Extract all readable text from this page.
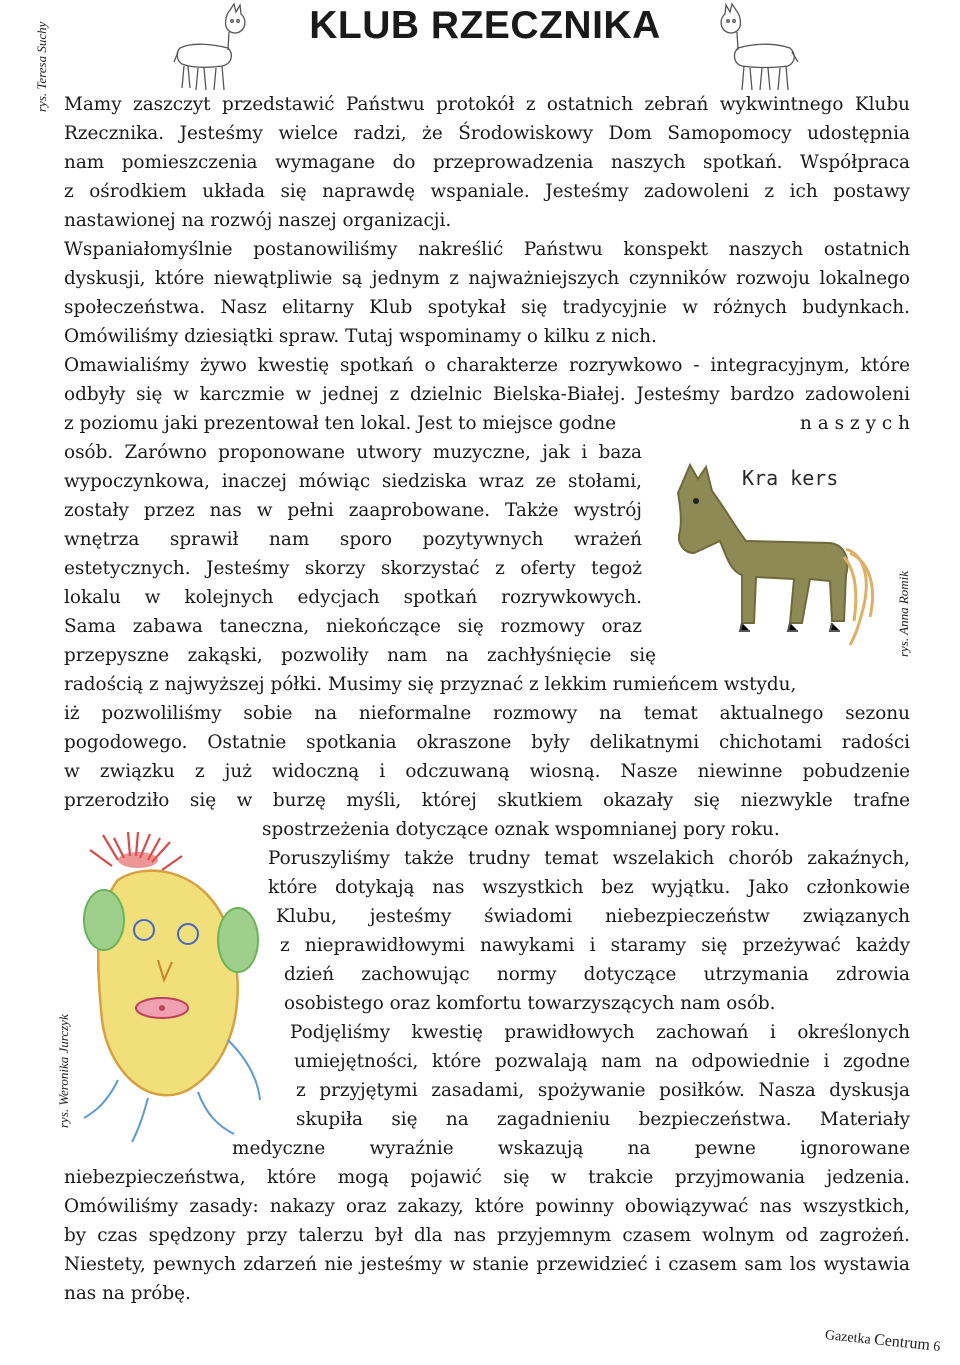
KLUB RZECZNIKA
rys. Teresa Suchy
rys. Anna Romik
rys. Weronika Jurczyk
Kra kers
Mamy zaszczyt przedstawić Państwu protokół z ostatnich zebrań wykwintnego Klubu
Rzecznika. Jesteśmy wielce radzi, że Środowiskowy Dom Samopomocy udostępnia
nam pomieszczenia wymagane do przeprowadzenia naszych spotkań. Współpraca
z ośrodkiem układa się naprawdę wspaniale. Jesteśmy zadowoleni z ich postawy
nastawionej na rozwój naszej organizacji.
Wspaniałomyślnie postanowiliśmy nakreślić Państwu konspekt naszych ostatnich
dyskusji, które niewątpliwie są jednym z najważniejszych czynników rozwoju lokalnego
społeczeństwa. Nasz elitarny Klub spotykał się tradycyjnie w różnych budynkach.
Omówiliśmy dziesiątki spraw. Tutaj wspominamy o kilku z nich.
Omawialiśmy żywo kwestię spotkań o charakterze rozrywkowo - integracyjnym, które
odbyły się w karczmie w jednej z dzielnic Bielska-Białej. Jesteśmy bardzo zadowoleni
z poziomu jaki prezentował ten lokal. Jest to miejsce godne	n a s z y c h
osób. Zarówno proponowane utwory muzyczne, jak i baza
wypoczynkowa, inaczej mówiąc siedziska wraz ze stołami,
zostały przez nas w pełni zaaprobowane. Także wystrój
wnętrza sprawił nam sporo pozytywnych wrażeń
estetycznych. Jesteśmy skorzy skorzystać z oferty tegoż
lokalu w kolejnych edycjach spotkań rozrywkowych.
Sama zabawa taneczna, niekończące się rozmowy oraz
przepyszne zakąski, pozwoliły nam na zachłyśnięcie się
radością z najwyższej półki. Musimy się przyznać z lekkim rumieńcem wstydu,
iż pozwoliliśmy sobie na nieformalne rozmowy na temat aktualnego sezonu
pogodowego. Ostatnie spotkania okraszone były delikatnymi chichotami radości
w związku z już widoczną i odczuwaną wiosną. Nasze niewinne pobudzenie
przerodziło się w burzę myśli, której skutkiem okazały się niezwykle trafne
spostrzeżenia dotyczące oznak wspomnianej pory roku.
Poruszyliśmy także trudny temat wszelakich chorób zakaźnych,
które dotykają nas wszystkich bez wyjątku. Jako członkowie
Klubu, jesteśmy świadomi niebezpieczeństw związanych
z nieprawidłowymi nawykami i staramy się przeżywać każdy
dzień zachowując normy dotyczące utrzymania zdrowia
osobistego oraz komfortu towarzyszących nam osób.
Podjęliśmy kwestię prawidłowych zachowań i określonych
umiejętności, które pozwalają nam na odpowiednie i zgodne
z przyjętymi zasadami, spożywanie posiłków. Nasza dyskusja
skupiła się na zagadnieniu bezpieczeństwa. Materiały
medyczne wyraźnie wskazują na pewne ignorowane
niebezpieczeństwa, które mogą pojawić się w trakcie przyjmowania jedzenia.
Omówiliśmy zasady: nakazy oraz zakazy, które powinny obowiązywać nas wszystkich,
by czas spędzony przy talerzu był dla nas przyjemnym czasem wolnym od zagrożeń.
Niestety, pewnych zdarzeń nie jesteśmy w stanie przewidzieć i czasem sam los wystawia
nas na próbę.
Gazetka Centrum 6
